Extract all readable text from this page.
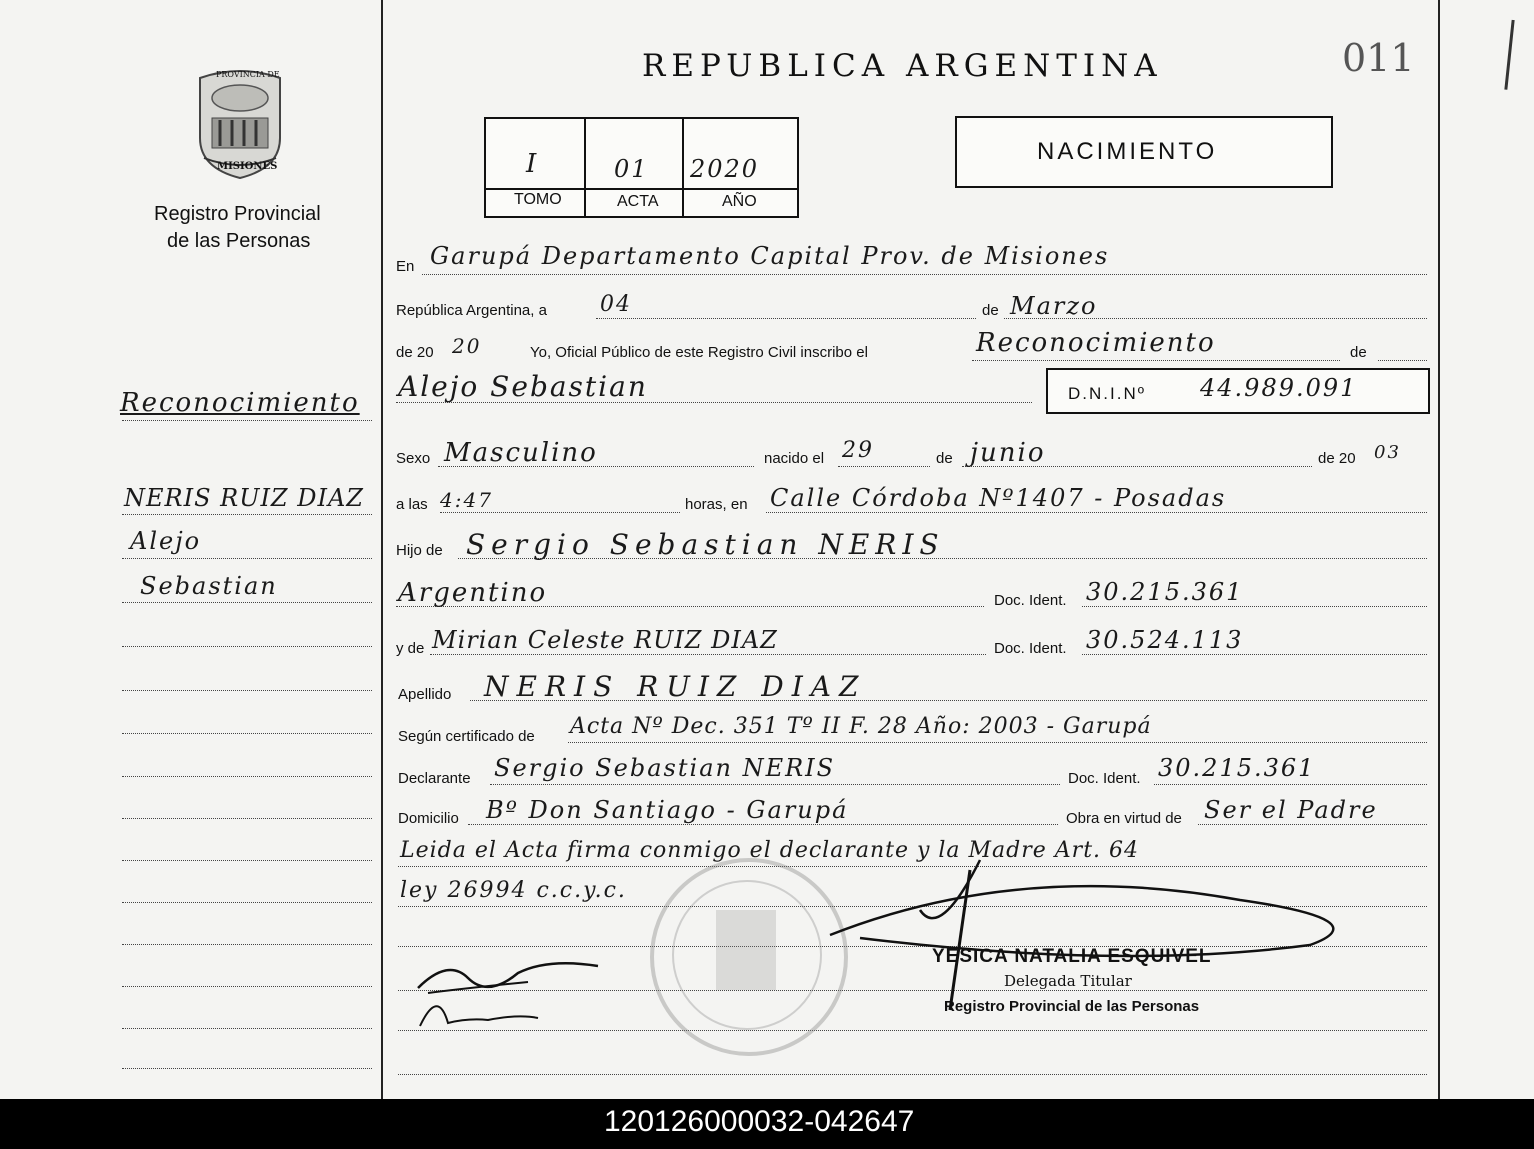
PROVINCIA DE
MISIONES
Registro Provincial
de las Personas
REPUBLICA ARGENTINA	011
I	01 2020
TOMO	ACTA	AÑO
NACIMIENTO
Reconocimiento
NERIS RUIZ DIAZ
Alejo
Sebastian
En Garupá Departamento Capital Prov. de Misiones
República Argentina, a 04	de Marzo
de 20 20	Yo, Oficial Público de este Registro Civil inscribo el	Reconocimiento	de
Alejo Sebastian	D.N.I.Nº 44.989.091
Sexo Masculino	nacido el 29	de junio	de 20 03
a las 4:47	horas, en Calle Córdoba Nº1407 - Posadas
Hijo de Sergio Sebastian NERIS
Argentino	Doc. Ident. 30.215.361
y de Mirian Celeste RUIZ DIAZ	Doc. Ident. 30.524.113
Apellido NERIS RUIZ DIAZ
Según certificado de Acta Nº Dec. 351 Tº II F. 28 Año: 2003 - Garupá
Declarante Sergio Sebastian NERIS	Doc. Ident. 30.215.361
Domicilio Bº Don Santiago - Garupá	Obra en virtud de Ser el Padre
Leida el Acta firma conmigo el declarante y la Madre Art. 64
ley 26994 c.c.y.c.
YESICA NATALIA ESQUIVEL
Delegada Titular
Registro Provincial de las Personas
120126000032-042647
